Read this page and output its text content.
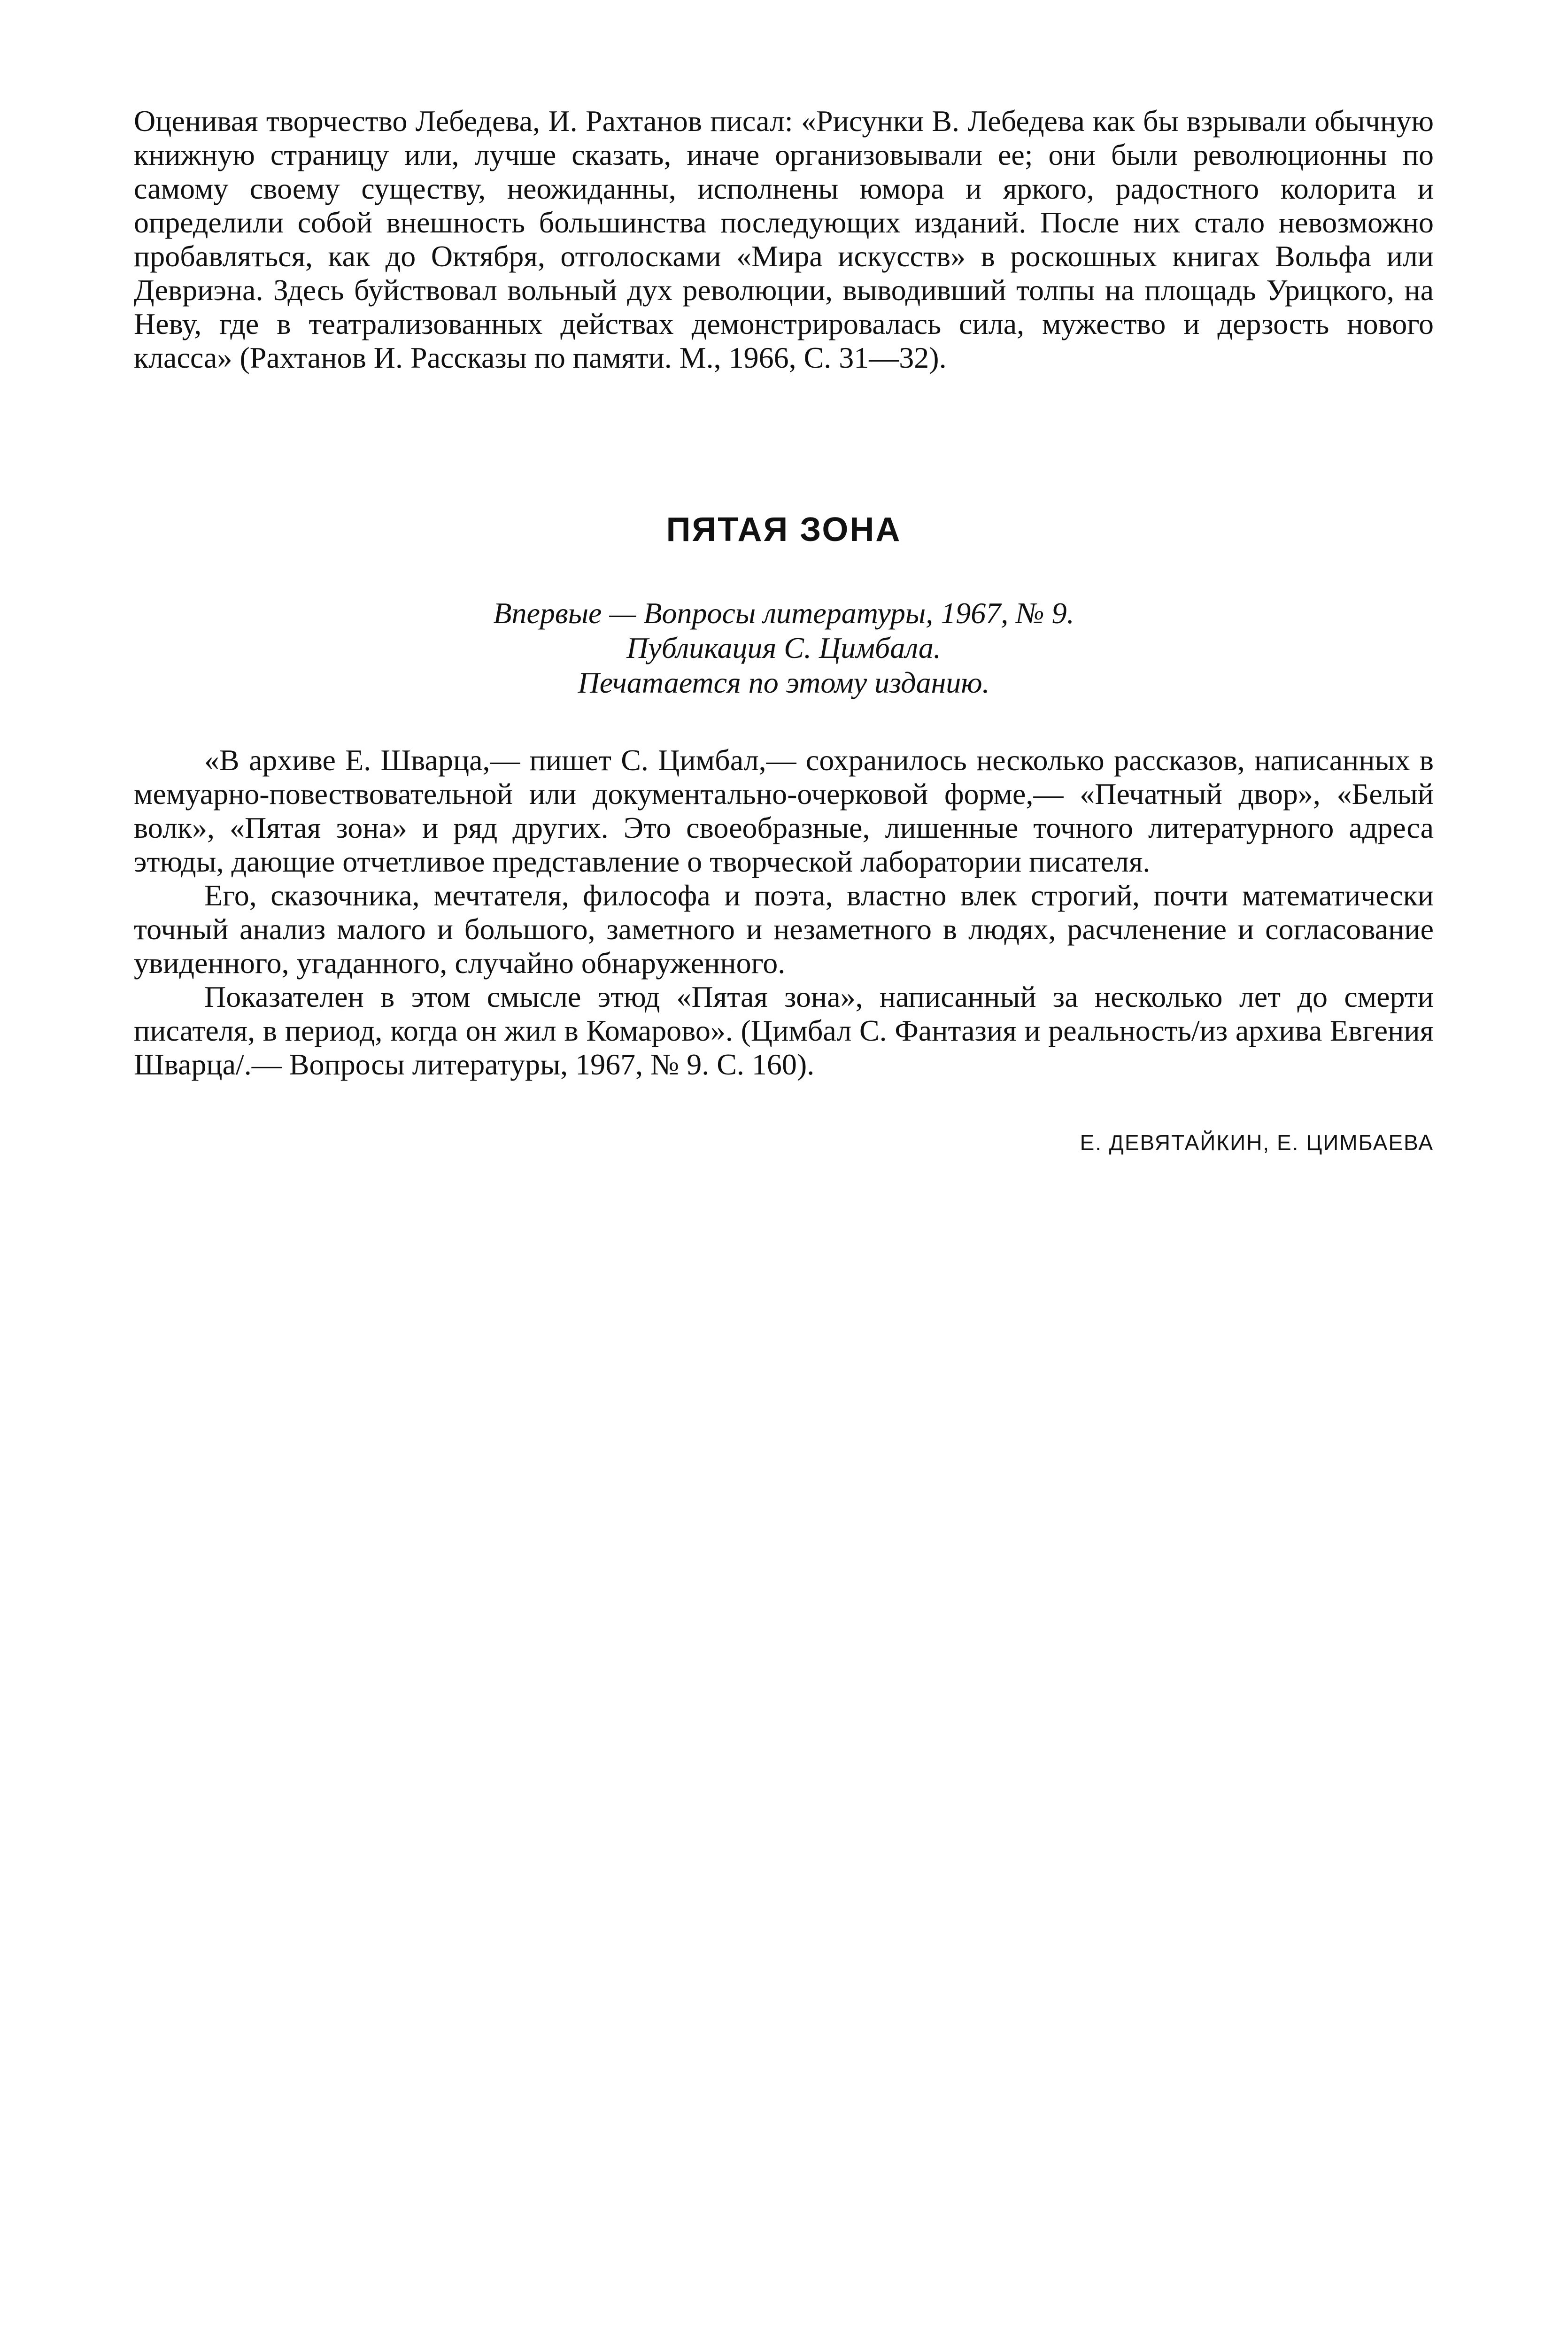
Оценивая творчество Лебедева, И. Рахтанов писал: «Рисунки В. Лебедева как бы взрывали обычную книжную страницу или, лучше сказать, иначе организовывали ее; они были революционны по самому своему существу, неожиданны, исполнены юмора и яркого, радостного колорита и определили собой внешность большинства последующих изданий. После них стало невозможно пробавляться, как до Октября, отголосками «Мира искусств» в роскошных книгах Вольфа или Девриэна. Здесь буйствовал вольный дух революции, выводивший толпы на площадь Урицкого, на Неву, где в театрализованных действах демонстрировалась сила, мужество и дерзость нового класса» (Рахтанов И. Рассказы по памяти. М., 1966, С. 31—32).

ПЯТАЯ ЗОНА
Впервые — Вопросы литературы, 1967, № 9.
Публикация С. Цимбала.
Печатается по этому изданию.

«В архиве Е. Шварца,— пишет С. Цимбал,— сохранилось несколько рассказов, написанных в мемуарно-повествовательной или документально-очерковой форме,— «Печатный двор», «Белый волк», «Пятая зона» и ряд других. Это своеобразные, лишенные точного литературного адреса этюды, дающие отчетливое представление о творческой лаборатории писателя.

Его, сказочника, мечтателя, философа и поэта, властно влек строгий, почти математически точный анализ малого и большого, заметного и незаметного в людях, расчленение и согласование увиденного, угаданного, случайно обнаруженного.

Показателен в этом смысле этюд «Пятая зона», написанный за несколько лет до смерти писателя, в период, когда он жил в Комарово». (Цимбал С. Фантазия и реальность/из архива Евгения Шварца/.— Вопросы литературы, 1967, № 9. С. 160).

Е. ДЕВЯТАЙКИН, Е. ЦИМБАЕВА
